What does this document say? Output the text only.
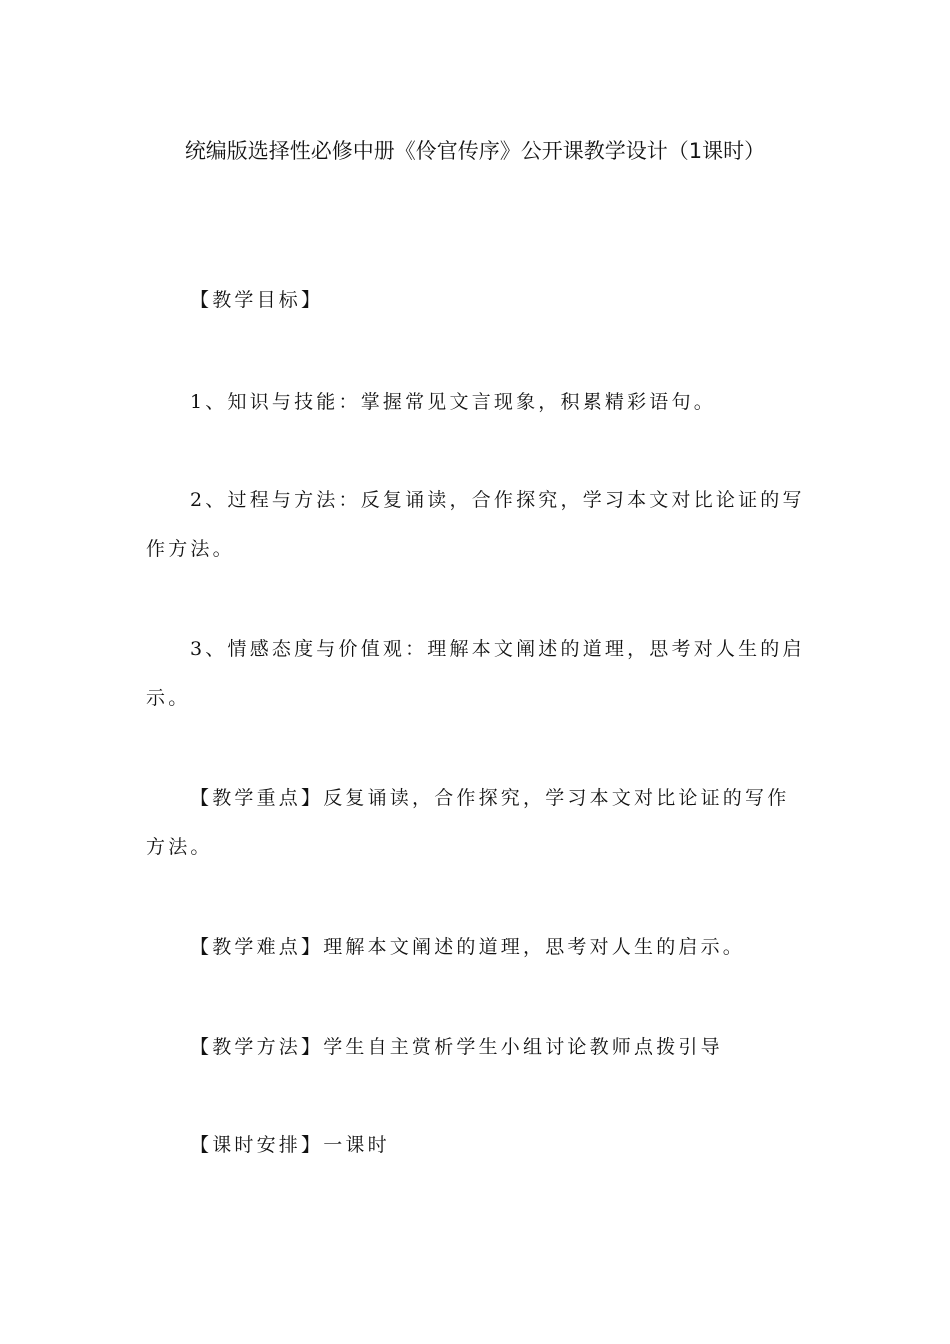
统编版选择性必修中册《伶官传序》公开课教学设计（1课时）

【教学目标】

1、知识与技能：掌握常见文言现象，积累精彩语句。

2、过程与方法：反复诵读，合作探究，学习本文对比论证的写作方法。

3、情感态度与价值观：理解本文阐述的道理，思考对人生的启示。

【教学重点】反复诵读，合作探究，学习本文对比论证的写作方法。

【教学难点】理解本文阐述的道理，思考对人生的启示。

【教学方法】学生自主赏析学生小组讨论教师点拨引导

【课时安排】一课时
